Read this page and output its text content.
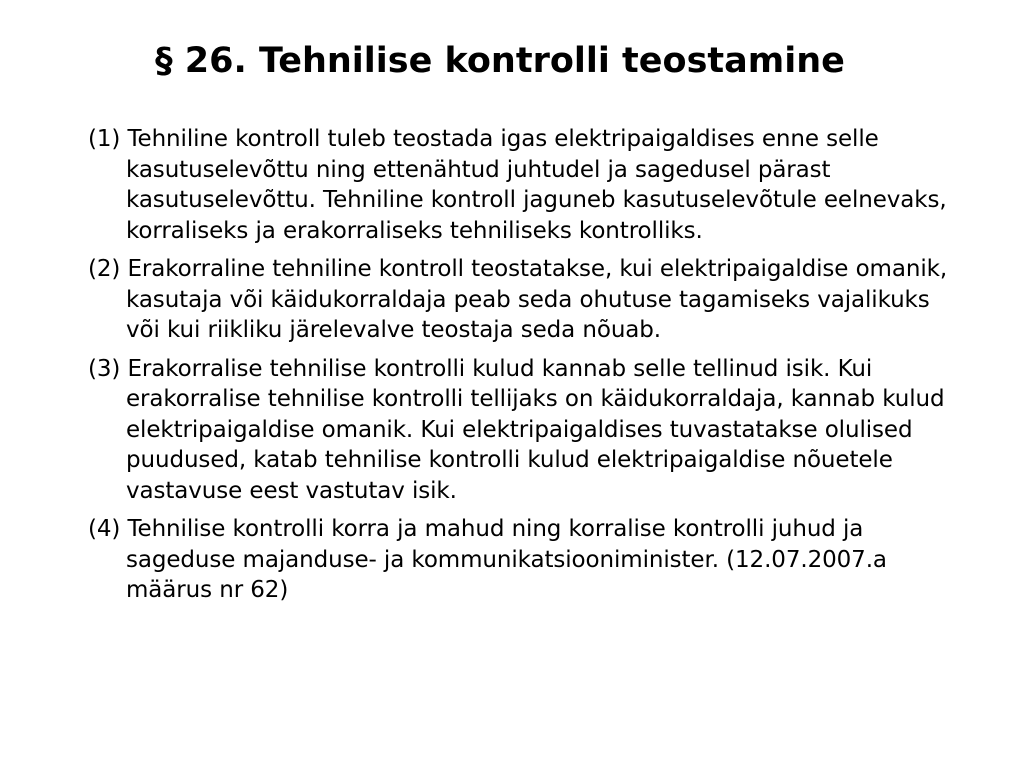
§ 26. Tehnilise kontrolli teostamine

(1) Tehniline kontroll tuleb teostada igas elektripaigaldises enne selle kasutuselevõttu ning ettenähtud juhtudel ja sagedusel pärast kasutuselevõttu. Tehniline kontroll jaguneb kasutuselevõtule eelnevaks, korraliseks ja erakorraliseks tehniliseks kontrolliks.

(2) Erakorraline tehniline kontroll teostatakse, kui elektripaigaldise omanik, kasutaja või käidukorraldaja peab seda ohutuse tagamiseks vajalikuks või kui riikliku järelevalve teostaja seda nõuab.

(3) Erakorralise tehnilise kontrolli kulud kannab selle tellinud isik. Kui erakorralise tehnilise kontrolli tellijaks on käidukorraldaja, kannab kulud elektripaigaldise omanik. Kui elektripaigaldises tuvastatakse olulised puudused, katab tehnilise kontrolli kulud elektripaigaldise nõuetele vastavuse eest vastutav isik.

(4) Tehnilise kontrolli korra ja mahud ning korralise kontrolli juhud ja sageduse majanduse- ja kommunikatsiooniminister. (12.07.2007.a määrus nr 62)
